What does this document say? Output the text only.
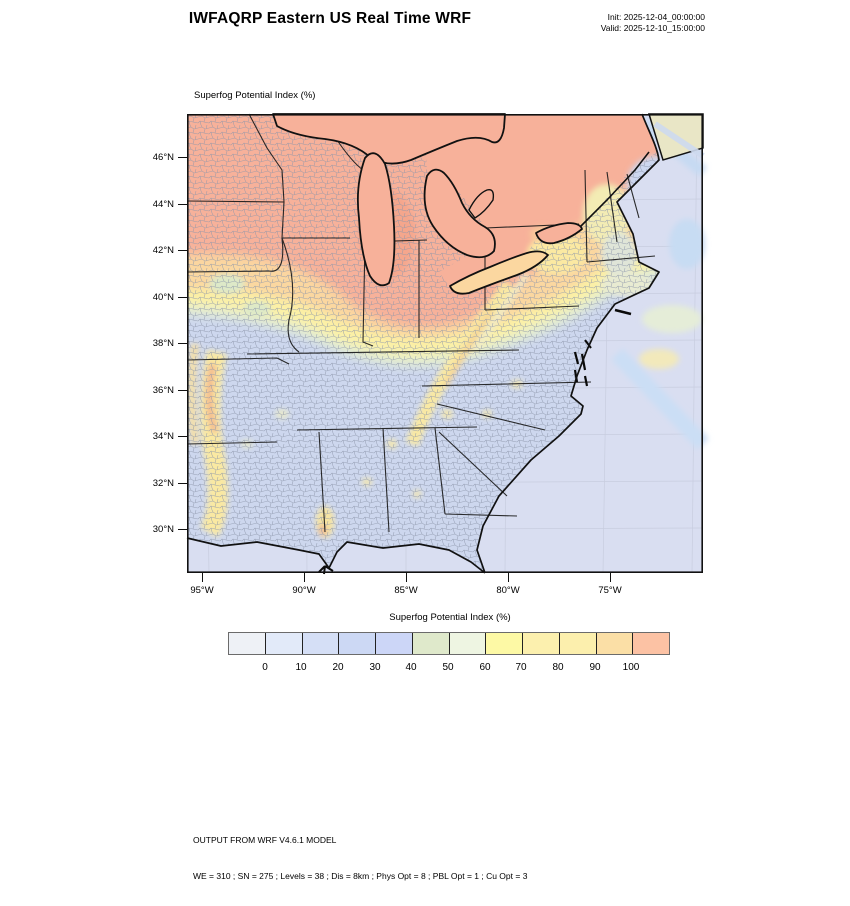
IWFAQRP Eastern US Real Time WRF	Init: 2025-12-04_00:00:00
Valid: 2025-12-10_15:00:00
Superfog Potential Index (%)
46°N
44°N
42°N
40°N
38°N
36°N
34°N
32°N
30°N
95°W	90°W	85°W	80°W	75°W
Superfog Potential Index (%)
0	10	20	30	40	50	60	70	80	90	100

OUTPUT FROM WRF V4.6.1 MODEL

WE = 310 ; SN = 275 ; Levels = 38 ; Dis = 8km ; Phys Opt = 8 ; PBL Opt = 1 ; Cu Opt = 3
